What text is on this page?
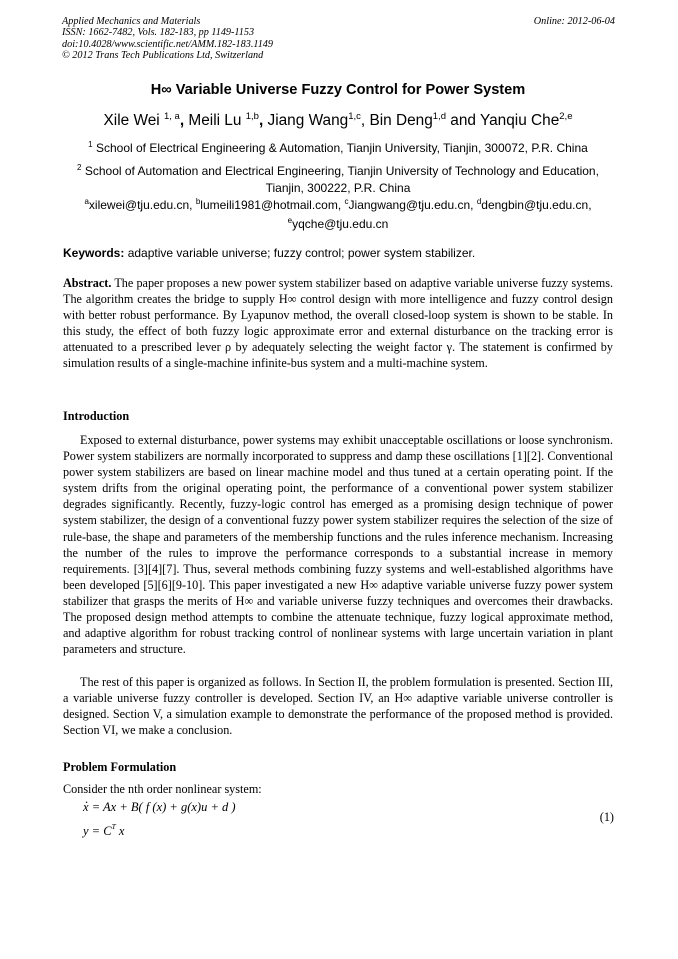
Applied Mechanics and Materials
ISSN: 1662-7482, Vols. 182-183, pp 1149-1153
doi:10.4028/www.scientific.net/AMM.182-183.1149
© 2012 Trans Tech Publications Ltd, Switzerland
Online: 2012-06-04
H∞ Variable Universe Fuzzy Control for Power System
Xile Wei $^{1, a}$, Meili Lu $^{1,b}$, Jiang Wang$^{1,c}$, Bin Deng$^{1,d}$ and Yanqiu Che$^{2,e}$
$^1$ School of Electrical Engineering & Automation, Tianjin University, Tianjin, 300072, P.R. China
$^2$ School of Automation and Electrical Engineering, Tianjin University of Technology and Education, Tianjin, 300222, P.R. China
$^a$xilewei@tju.edu.cn, $^b$lumeili1981@hotmail.com, $^c$Jiangwang@tju.edu.cn, $^d$dengbin@tju.edu.cn,
$^e$yqche@tju.edu.cn
Keywords: adaptive variable universe; fuzzy control; power system stabilizer.
Abstract. The paper proposes a new power system stabilizer based on adaptive variable universe fuzzy systems. The algorithm creates the bridge to supply H∞ control design with more intelligence and fuzzy control design with better robust performance. By Lyapunov method, the overall closed-loop system is shown to be stable. In this study, the effect of both fuzzy logic approximate error and external disturbance on the tracking error is attenuated to a prescribed lever ρ by adequately selecting the weight factor γ. The statement is confirmed by simulation results of a single-machine infinite-bus system and a multi-machine system.
Introduction
Exposed to external disturbance, power systems may exhibit unacceptable oscillations or loose synchronism. Power system stabilizers are normally incorporated to suppress and damp these oscillations [1][2]. Conventional power system stabilizers are based on linear machine model and thus tuned at a certain operating point. If the system drifts from the original operating point, the performance of a conventional power system stabilizer degrades significantly. Recently, fuzzy-logic control has emerged as a promising design technique of power system stabilizer, the design of a conventional fuzzy power system stabilizer requires the selection of the size of rule-base, the shape and parameters of the membership functions and the rules inference mechanism. Increasing the number of the rules to improve the performance corresponds to a substantial increase in memory requirements. [3][4][7]. Thus, several methods combining fuzzy systems and well-established algorithms have been developed [5][6][9-10]. This paper investigated a new H∞ adaptive variable universe fuzzy power system stabilizer that grasps the merits of H∞ and variable universe fuzzy techniques and overcomes their drawbacks. The proposed design method attempts to combine the attenuate technique, fuzzy logical approximate method, and adaptive algorithm for robust tracking control of nonlinear systems with large uncertain variation in plant parameters and structure.
The rest of this paper is organized as follows. In Section II, the problem formulation is presented. Section III, a variable universe fuzzy controller is developed. Section IV, an H∞ adaptive variable universe controller is designed. Section V, a simulation example to demonstrate the performance of the proposed method is provided. Section VI, we make a conclusion.
Problem Formulation
Consider the nth order nonlinear system:
. x = Ax + B( f (x) + g(x)u + d )
$y = C^T$ x
(1)
